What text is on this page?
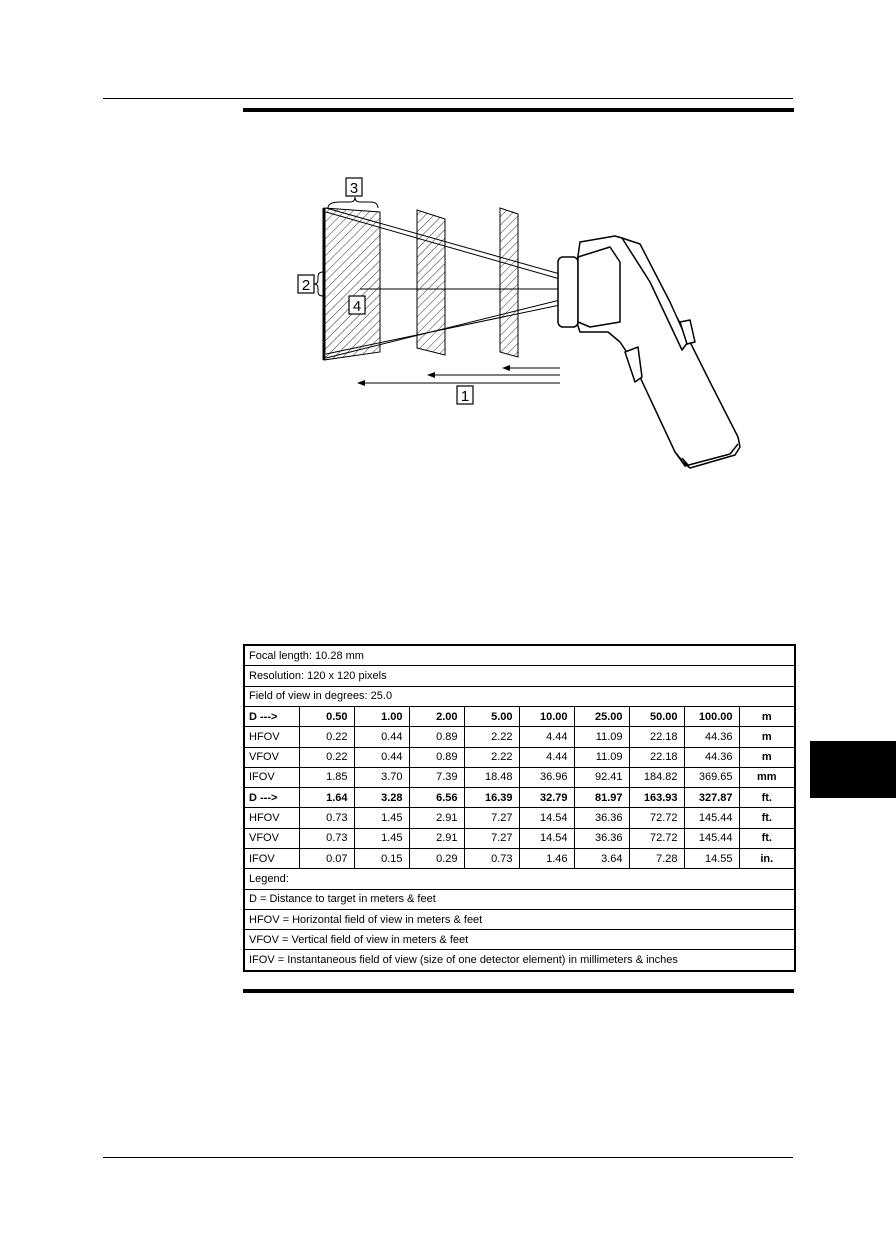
3
2
4
1
Focal length: 10.28 mm									
Resolution: 120 x 120 pixels									
Field of view in degrees: 25.0									
D --->	0.50	1.00	2.00	5.00	10.00	25.00	50.00	100.00	m
HFOV	0.22	0.44	0.89	2.22	4.44	11.09	22.18	44.36	m
VFOV	0.22	0.44	0.89	2.22	4.44	11.09	22.18	44.36	m
IFOV	1.85	3.70	7.39	18.48	36.96	92.41	184.82	369.65	mm
D --->	1.64	3.28	6.56	16.39	32.79	81.97	163.93	327.87	ft.
HFOV	0.73	1.45	2.91	7.27	14.54	36.36	72.72	145.44	ft.
VFOV	0.73	1.45	2.91	7.27	14.54	36.36	72.72	145.44	ft.
IFOV	0.07	0.15	0.29	0.73	1.46	3.64	7.28	14.55	in.
Legend:									
D = Distance to target in meters & feet									
HFOV = Horizontal field of view in meters & feet									
VFOV = Vertical field of view in meters & feet									
IFOV = Instantaneous field of view (size of one detector element) in millimeters & inches									
